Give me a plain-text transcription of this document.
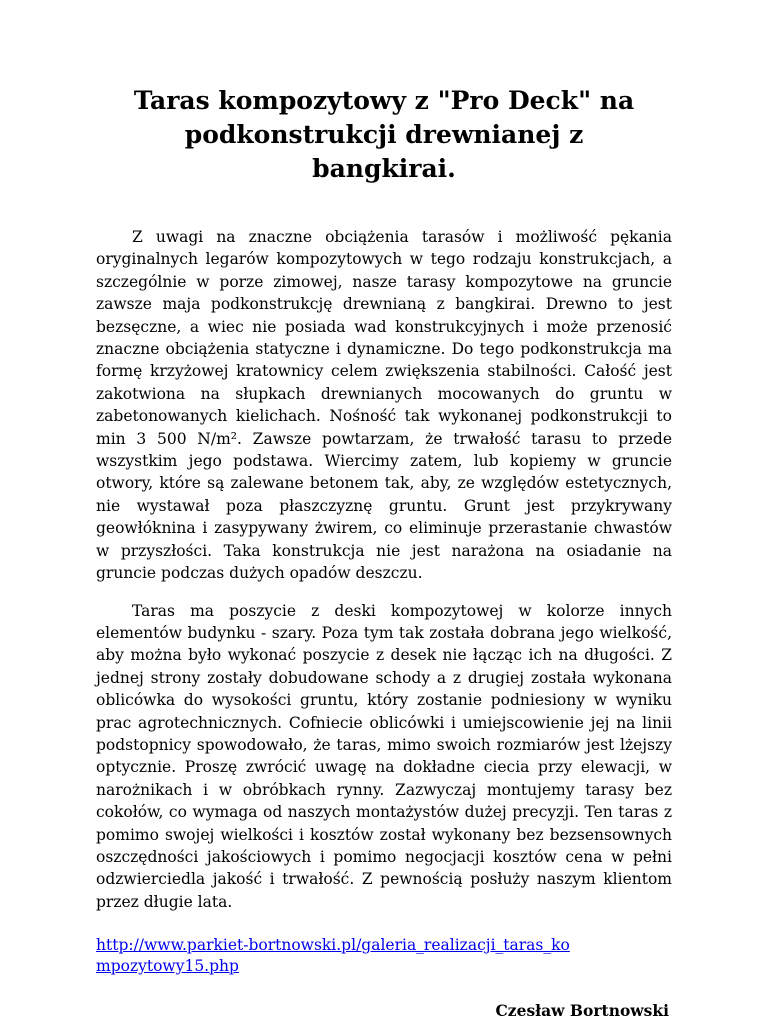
Taras kompozytowy z "Pro Deck" na podkonstrukcji drewnianej z bangkirai.

Z uwagi na znaczne obciążenia tarasów i możliwość pękania oryginalnych legarów kompozytowych w tego rodzaju konstrukcjach, a szczególnie w porze zimowej, nasze tarasy kompozytowe na gruncie zawsze maja podkonstrukcję drewnianą z bangkirai. Drewno to jest bezsęczne, a wiec nie posiada wad konstrukcyjnych i może przenosić znaczne obciążenia statyczne i dynamiczne. Do tego podkonstrukcja ma formę krzyżowej kratownicy celem zwiększenia stabilności. Całość jest zakotwiona na słupkach drewnianych mocowanych do gruntu w zabetonowanych kielichach. Nośność tak wykonanej podkonstrukcji to min 3 500 N/m². Zawsze powtarzam, że trwałość tarasu to przede wszystkim jego podstawa. Wiercimy zatem, lub kopiemy w gruncie otwory, które są zalewane betonem tak, aby, ze względów estetycznych, nie wystawał poza płaszczyznę gruntu. Grunt jest przykrywany geowłóknina i zasypywany żwirem, co eliminuje przerastanie chwastów w przyszłości. Taka konstrukcja nie jest narażona na osiadanie na gruncie podczas dużych opadów deszczu.

Taras ma poszycie z deski kompozytowej w kolorze innych elementów budynku - szary. Poza tym tak została dobrana jego wielkość, aby można było wykonać poszycie z desek nie łącząc ich na długości. Z jednej strony zostały dobudowane schody a z drugiej została wykonana oblicówka do wysokości gruntu, który zostanie podniesiony w wyniku prac agrotechnicznych. Cofniecie oblicówki i umiejscowienie jej na linii podstopnicy spowodowało, że taras, mimo swoich rozmiarów jest lżejszy optycznie. Proszę zwrócić uwagę na dokładne ciecia przy elewacji, w narożnikach i w obróbkach rynny. Zazwyczaj montujemy tarasy bez cokołów, co wymaga od naszych montażystów dużej precyzji. Ten taras z pomimo swojej wielkości i kosztów został wykonany bez bezsensownych oszczędności jakościowych i pomimo negocjacji kosztów cena w pełni odzwierciedla jakość i trwałość. Z pewnością posłuży naszym klientom przez długie lata.

http://www.parkiet-bortnowski.pl/galeria_realizacji_taras_kompozytowy15.php
Czesław Bortnowski
